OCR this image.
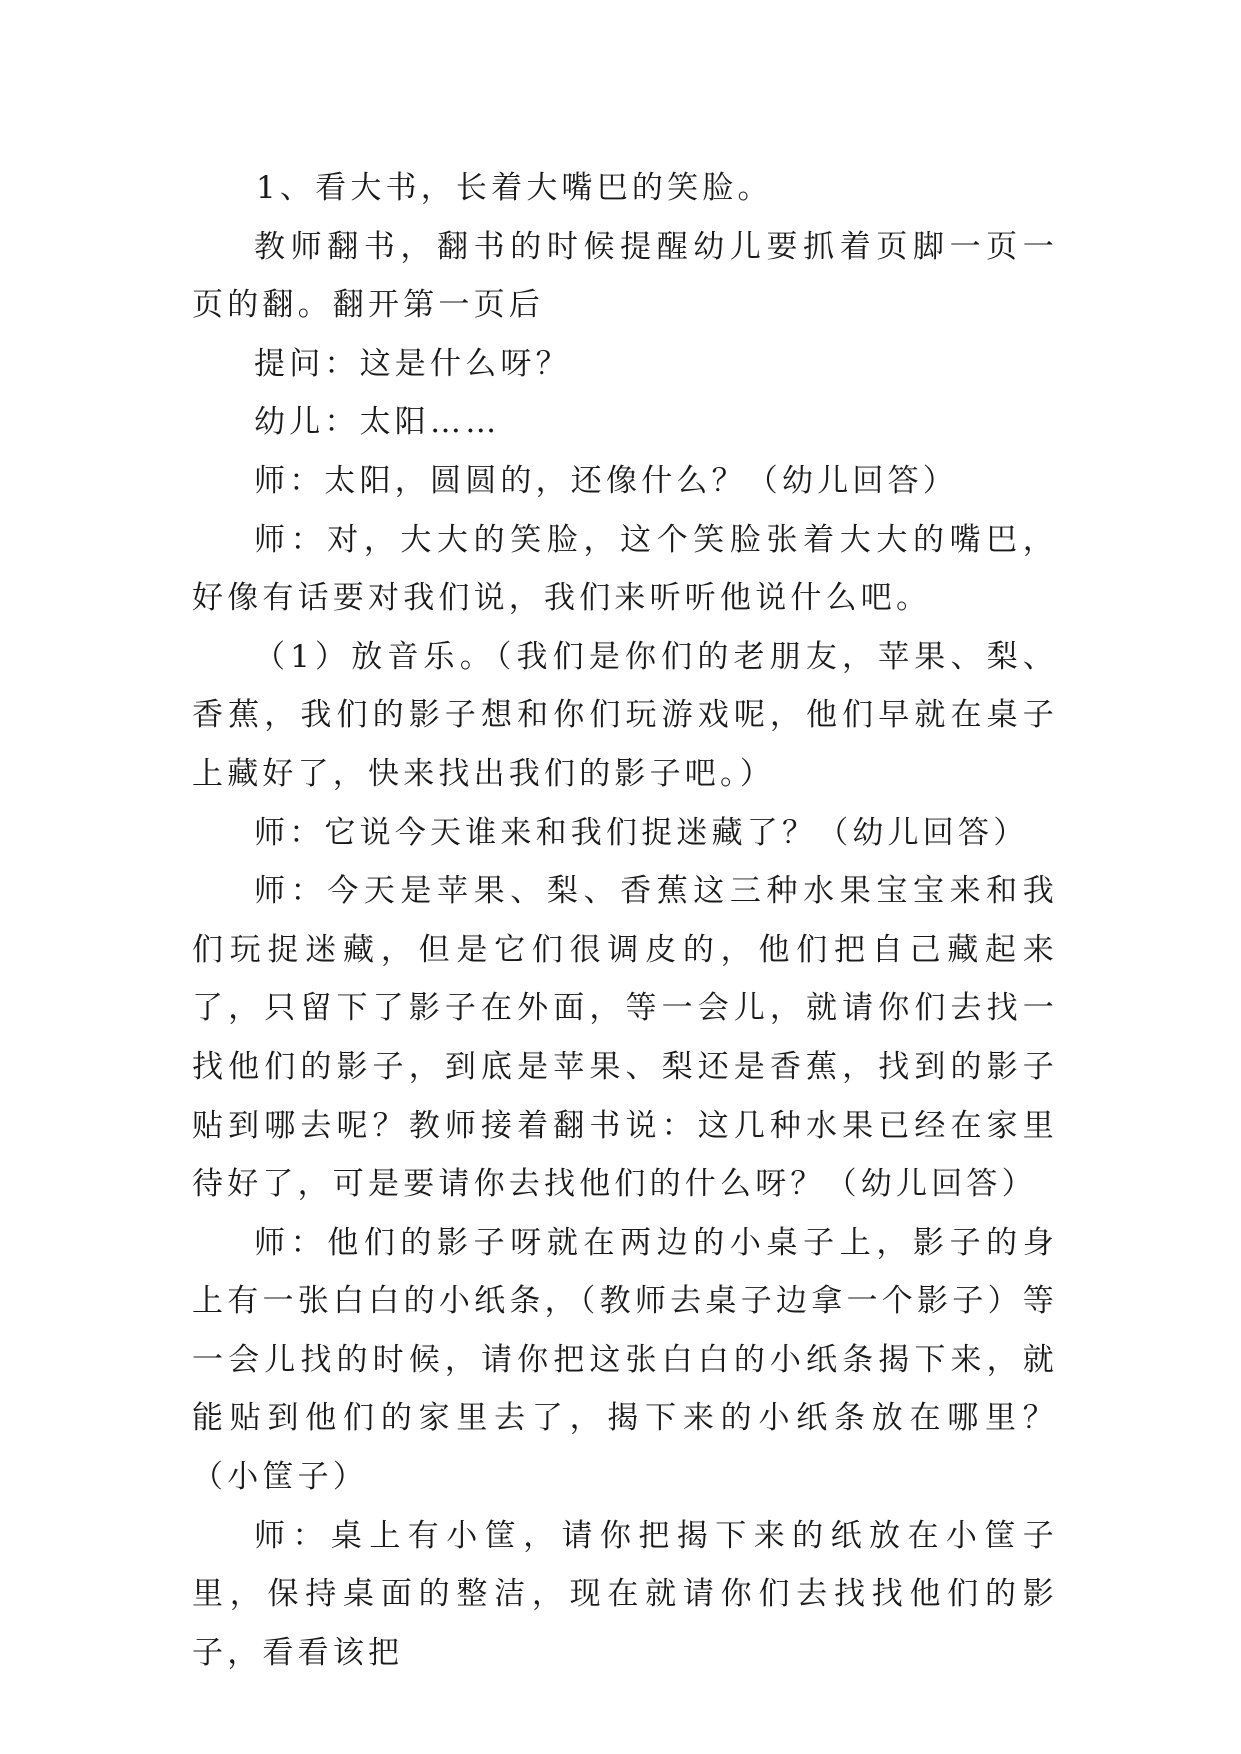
1、看大书，长着大嘴巴的笑脸。

教师翻书，翻书的时候提醒幼儿要抓着页脚一页一页的翻。翻开第一页后

提问：这是什么呀？

幼儿：太阳……

师：太阳，圆圆的，还像什么？（幼儿回答）

师：对，大大的笑脸，这个笑脸张着大大的嘴巴，好像有话要对我们说，我们来听听他说什么吧。

（1）放音乐。（我们是你们的老朋友，苹果、梨、香蕉，我们的影子想和你们玩游戏呢，他们早就在桌子上藏好了，快来找出我们的影子吧。）

师：它说今天谁来和我们捉迷藏了？（幼儿回答）

师：今天是苹果、梨、香蕉这三种水果宝宝来和我们玩捉迷藏，但是它们很调皮的，他们把自己藏起来了，只留下了影子在外面，等一会儿，就请你们去找一找他们的影子，到底是苹果、梨还是香蕉，找到的影子贴到哪去呢？教师接着翻书说：这几种水果已经在家里待好了，可是要请你去找他们的什么呀？（幼儿回答）

师：他们的影子呀就在两边的小桌子上，影子的身上有一张白白的小纸条，（教师去桌子边拿一个影子）等一会儿找的时候，请你把这张白白的小纸条揭下来，就能贴到他们的家里去了，揭下来的小纸条放在哪里？（小筐子）

师：桌上有小筐，请你把揭下来的纸放在小筐子里，保持桌面的整洁，现在就请你们去找找他们的影子，看看该把
